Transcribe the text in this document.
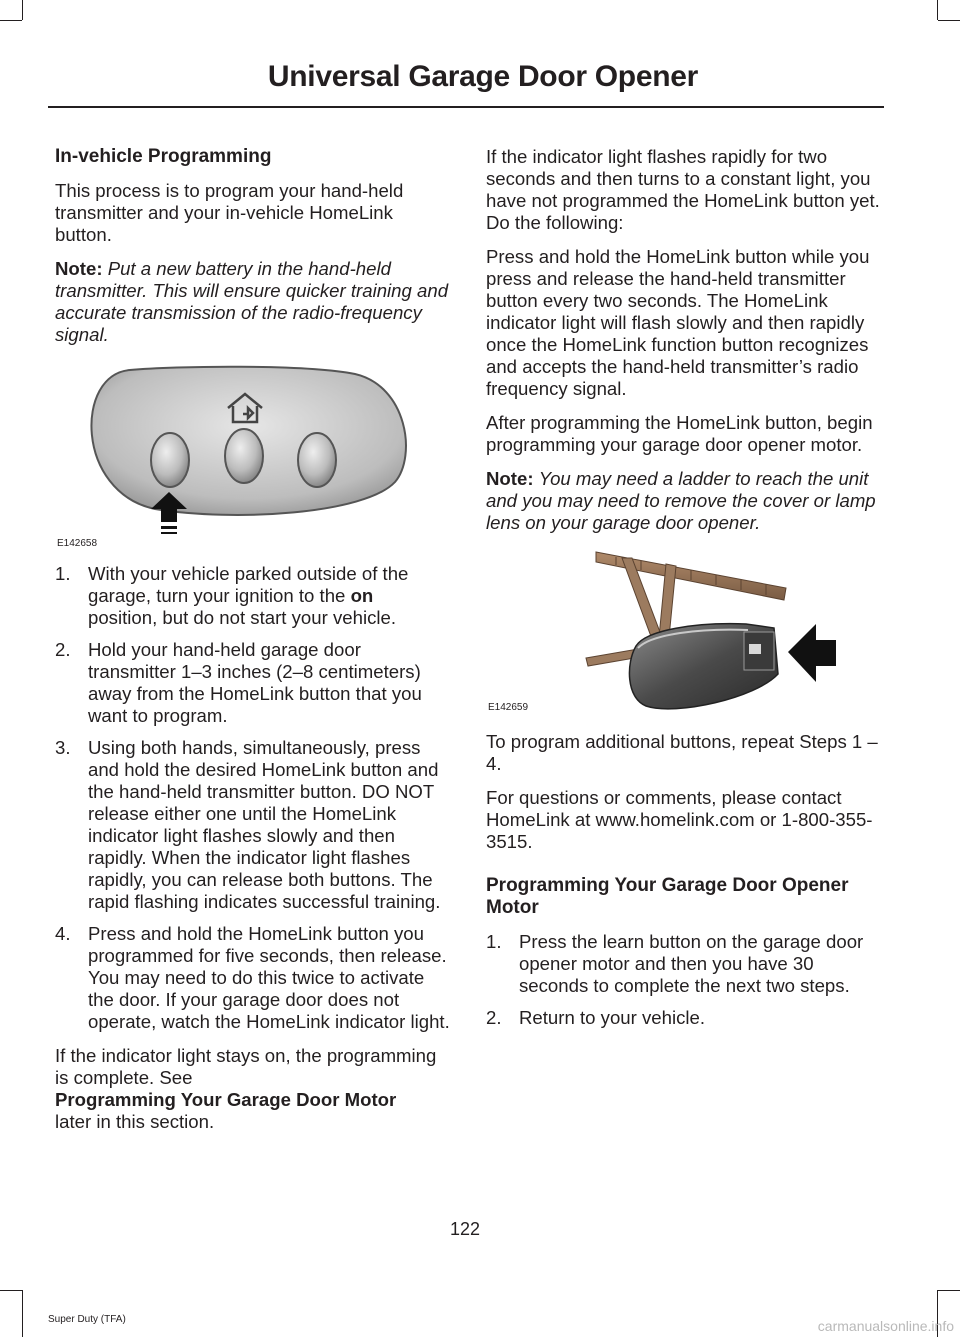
Universal Garage Door Opener
In-vehicle Programming

This process is to program your hand-held transmitter and your in-vehicle HomeLink button.

Note: Put a new battery in the hand-held transmitter. This will ensure quicker training and accurate transmission of the radio-frequency signal.

E142658
1. With your vehicle parked outside of the garage, turn your ignition to the on
position, but do not start your vehicle.
2. Hold your hand-held garage door transmitter 1–3 inches (2–8 centimeters) away from the HomeLink button that you want to program.
3. Using both hands, simultaneously, press and hold the desired HomeLink button and the hand-held transmitter button. DO NOT release either one until the HomeLink indicator light flashes slowly and then rapidly. When the indicator light flashes rapidly, you can release both buttons. The rapid flashing indicates successful training.
4. Press and hold the HomeLink button you programmed for five seconds, then release. You may need to do this twice to activate the door. If your garage door does not operate, watch the HomeLink indicator light.

If the indicator light stays on, the programming is complete. See
Programming Your Garage Door Motor
later in this section.

If the indicator light flashes rapidly for two seconds and then turns to a constant light, you have not programmed the HomeLink button yet. Do the following:

Press and hold the HomeLink button while you press and release the hand-held transmitter button every two seconds. The HomeLink indicator light will flash slowly and then rapidly once the HomeLink function button recognizes and accepts the hand-held transmitter’s radio frequency signal.

After programming the HomeLink button, begin programming your garage door opener motor.

Note: You may need a ladder to reach the unit and you may need to remove the cover or lamp lens on your garage door opener.

E142659

To program additional buttons, repeat Steps 1 – 4.

For questions or comments, please contact HomeLink at www.homelink.com or 1-800-355-3515.

Programming Your Garage Door Opener Motor
1. Press the learn button on the garage door opener motor and then you have 30 seconds to complete the next two steps.
2. Return to your vehicle.
122
Super Duty (TFA)	carmanualsonline.info
